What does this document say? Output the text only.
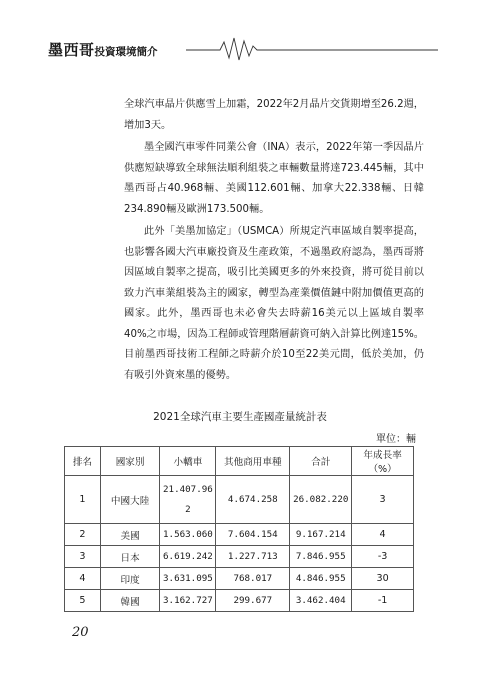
墨西哥投資環境簡介

全球汽車晶片供應雪上加霜，2022年2月晶片交貨期增至26.2週，增加3天。

墨全國汽車零件同業公會（INA）表示，2022年第一季因晶片供應短缺導致全球無法順利組裝之車輛數量將達723.445輛，其中墨西哥占40.968輛、美國112.601輛、加拿大22.338輛、日韓234.890輛及歐洲173.500輛。

此外「美墨加協定」（USMCA）所規定汽車區域自製率提高，也影響各國大汽車廠投資及生產政策，不過墨政府認為，墨西哥將因區域自製率之提高，吸引比美國更多的外來投資，將可從目前以致力汽車業組裝為主的國家，轉型為產業價值鏈中附加價值更高的國家。此外，墨西哥也未必會失去時薪16美元以上區域自製率40%之市場，因為工程師或管理階層薪資可納入計算比例達15%。目前墨西哥技術工程師之時薪介於10至22美元間，低於美加，仍有吸引外資來墨的優勢。

2021全球汽車主要生產國產量統計表
單位：輛
排名	國家別	小轎車	其他商用車種	合計	年成長率（%）
1	中國大陸	21.407.962	4.674.258	26.082.220	3
2	美國	1.563.060	7.604.154	9.167.214	4
3	日本	6.619.242	1.227.713	7.846.955	-3
4	印度	3.631.095	768.017	4.846.955	30
5	韓國	3.162.727	299.677	3.462.404	-1
20
